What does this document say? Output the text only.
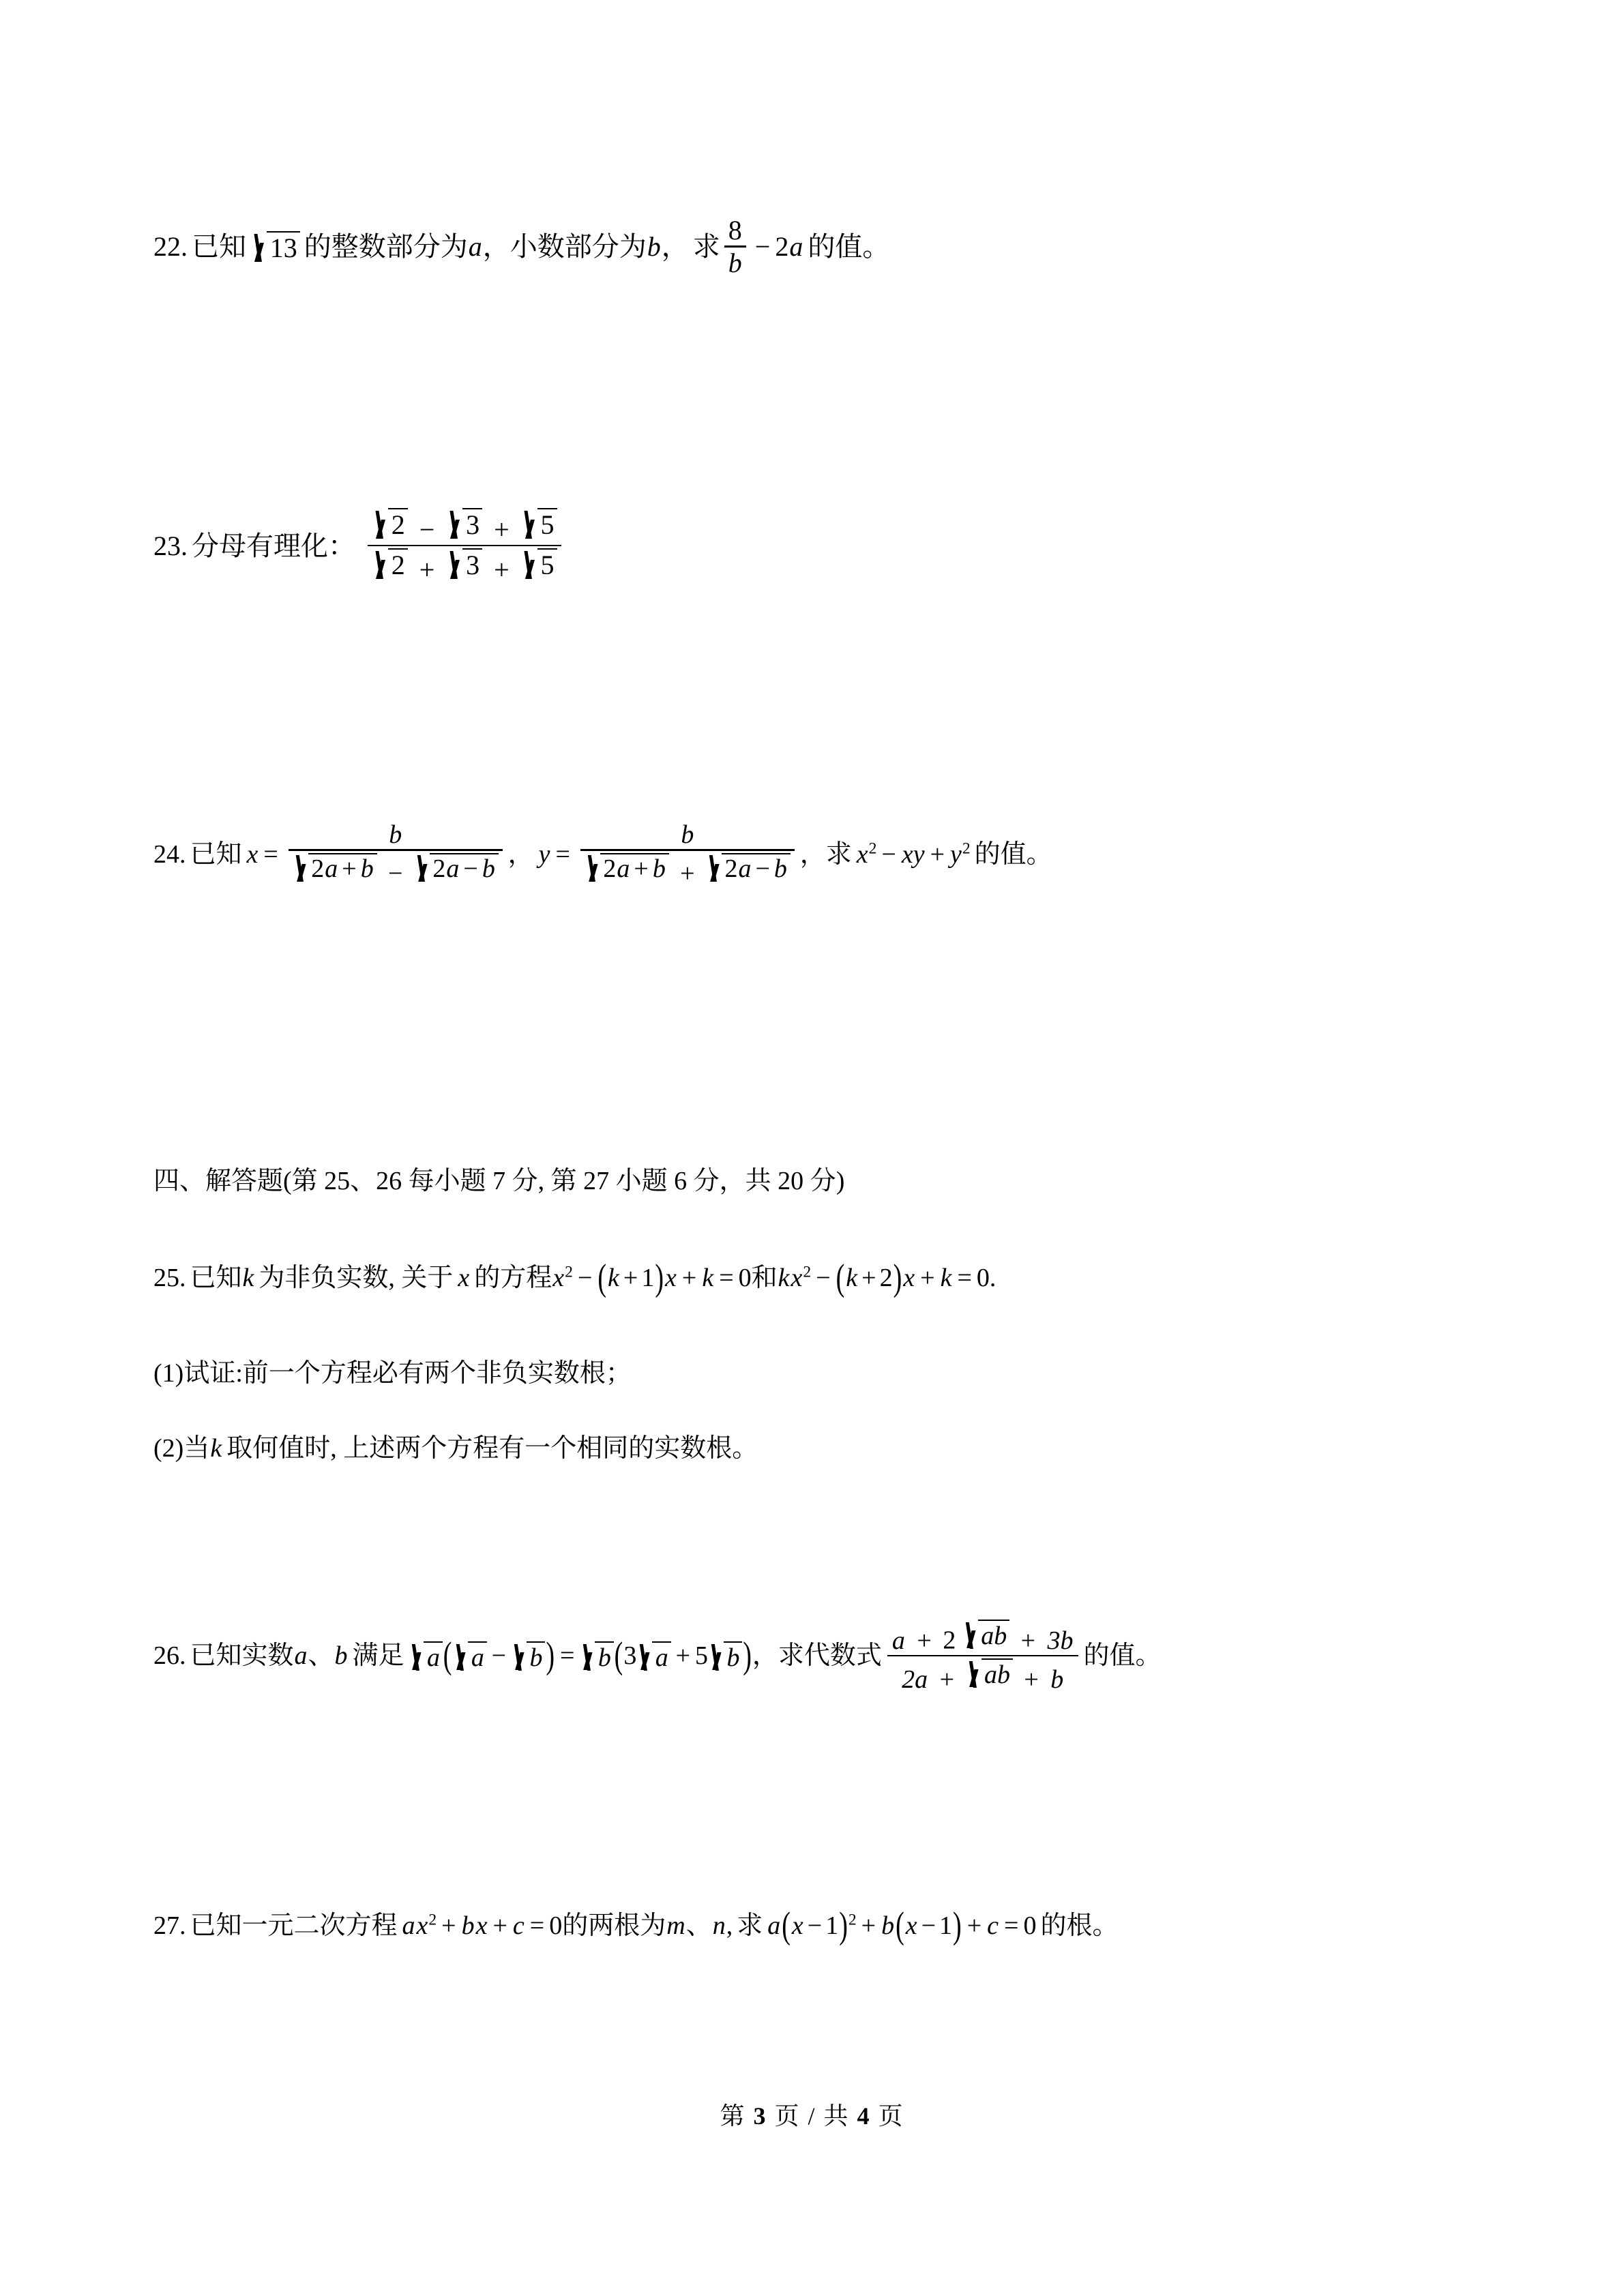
22. 已知 13 的整数部分为 a ， 小数部分为 b ， 求 $\frac{8}{b} - 2$ a 的值。
23. 分母有理化： $\frac{2 - 3 + 5}{2 + 3 + 5}$
24. 已知 $x = \frac{b}{2a + b - 2a - b}$ ， $y = \frac{b}{2a + b + 2a - b}$ ， 求 $x^2$ − xy + $y^2$ 的值。
四、解答题(第 25、26 每小题 7 分, 第 27 小题 6 分，共 20 分)
25. 已知 k 为非负实数, 关于 x 的方程 $x^2$ − ( k + 1 ) x + k = 0 和 $kx^2$ − ( k + 2 ) x + k = 0 .
(1) 试证:前一个方程必有两个非负实数根；
(2) 当 k 取何值时, 上述两个方程有一个相同的实数根。
26. 已知实数 a 、 b 满足 a ( a − b ) = b ( 3 a + 5 b ) ， 求代数式 $\frac{a + 2 ab + 3b}{2a + ab + b}$ 的值。
27. 已知一元二次方程 $ax^2 + b$ x + c = 0 的两根为 m 、 n , 求 a $(x - 1)^2 + b$ (x − 1) + c = 0 的根。
第 3 页 / 共 4 页
